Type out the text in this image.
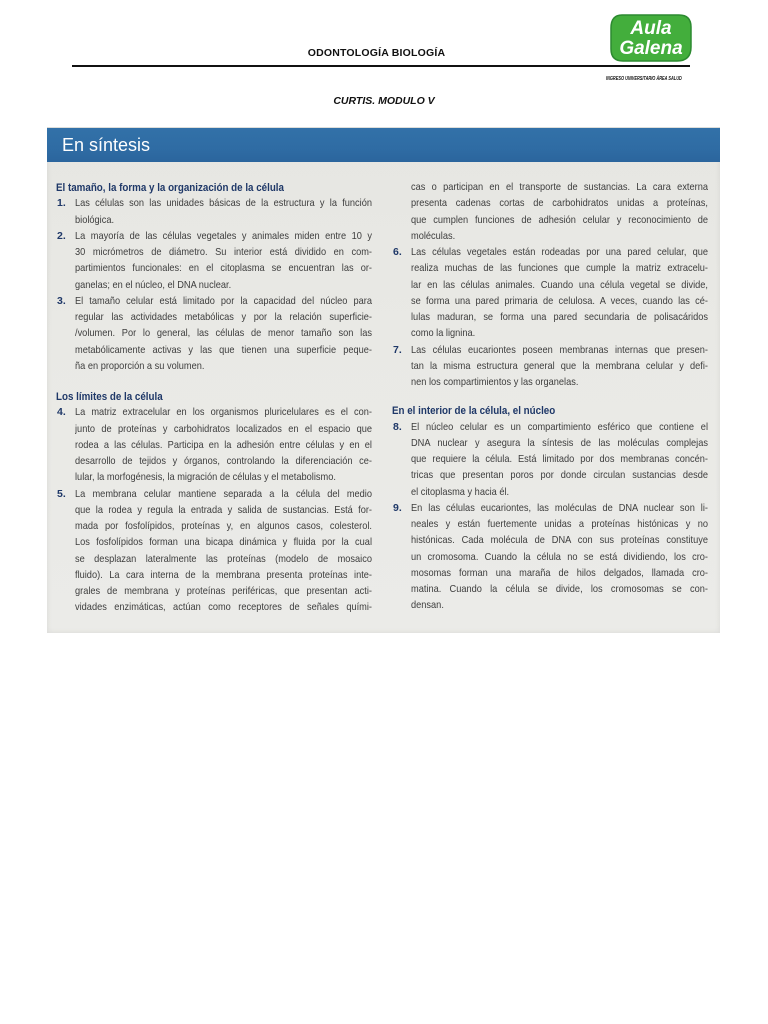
ODONTOLOGÍA BIOLOGÍA
Aula
Galena
INGRESO UNIVERSITARIO ÁREA SALUD
CURTIS. MODULO V
En síntesis
El tamaño, la forma y la organización de la célula
1. Las células son las unidades básicas de la estructura y la función
biológica.
2. La mayoría de las células vegetales y animales miden entre 10 y
30 micrómetros de diámetro. Su interior está dividido en com-
partimientos funcionales: en el citoplasma se encuentran las or-
ganelas; en el núcleo, el DNA nuclear.
3. El tamaño celular está limitado por la capacidad del núcleo para
regular las actividades metabólicas y por la relación superficie-
/volumen. Por lo general, las células de menor tamaño son las
metabólicamente activas y las que tienen una superficie peque-
ña en proporción a su volumen.
Los límites de la célula
4. La matriz extracelular en los organismos pluricelulares es el con-
junto de proteínas y carbohidratos localizados en el espacio que
rodea a las células. Participa en la adhesión entre células y en el
desarrollo de tejidos y órganos, controlando la diferenciación ce-
lular, la morfogénesis, la migración de células y el metabolismo.
5. La membrana celular mantiene separada a la célula del medio
que la rodea y regula la entrada y salida de sustancias. Está for-
mada por fosfolípidos, proteínas y, en algunos casos, colesterol.
Los fosfolípidos forman una bicapa dinámica y fluida por la cual
se desplazan lateralmente las proteínas (modelo de mosaico
fluido). La cara interna de la membrana presenta proteínas inte-
grales de membrana y proteínas periféricas, que presentan acti-
vidades enzimáticas, actúan como receptores de señales quími-
cas o participan en el transporte de sustancias. La cara externa
presenta cadenas cortas de carbohidratos unidas a proteínas,
que cumplen funciones de adhesión celular y reconocimiento de
moléculas.
6. Las células vegetales están rodeadas por una pared celular, que
realiza muchas de las funciones que cumple la matriz extracelu-
lar en las células animales. Cuando una célula vegetal se divide,
se forma una pared primaria de celulosa. A veces, cuando las cé-
lulas maduran, se forma una pared secundaria de polisacáridos
como la lignina.
7. Las células eucariontes poseen membranas internas que presen-
tan la misma estructura general que la membrana celular y defi-
nen los compartimientos y las organelas.
En el interior de la célula, el núcleo
8. El núcleo celular es un compartimiento esférico que contiene el
DNA nuclear y asegura la síntesis de las moléculas complejas
que requiere la célula. Está limitado por dos membranas concén-
tricas que presentan poros por donde circulan sustancias desde
el citoplasma y hacia él.
9. En las células eucariontes, las moléculas de DNA nuclear son li-
neales y están fuertemente unidas a proteínas histónicas y no
histónicas. Cada molécula de DNA con sus proteínas constituye
un cromosoma. Cuando la célula no se está dividiendo, los cro-
mosomas forman una maraña de hilos delgados, llamada cro-
matina. Cuando la célula se divide, los cromosomas se con-
densan.
